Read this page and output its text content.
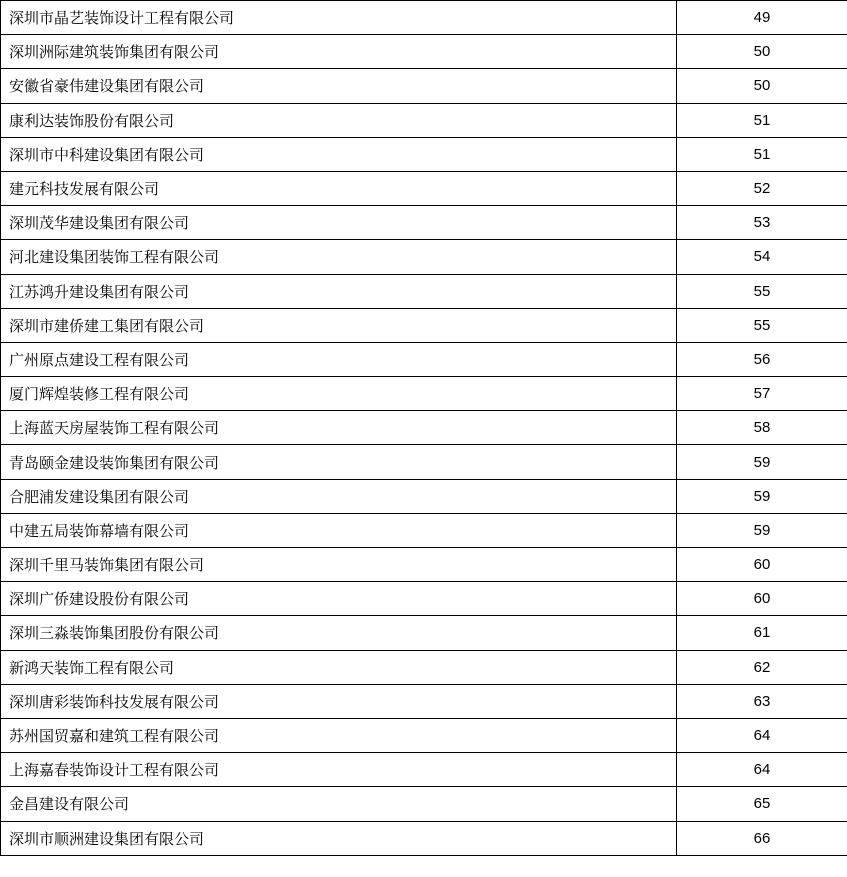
深圳市晶艺装饰设计工程有限公司	49
深圳洲际建筑装饰集团有限公司	50
安徽省豪伟建设集团有限公司	50
康利达装饰股份有限公司	51
深圳市中科建设集团有限公司	51
建元科技发展有限公司	52
深圳茂华建设集团有限公司	53
河北建设集团装饰工程有限公司	54
江苏鸿升建设集团有限公司	55
深圳市建侨建工集团有限公司	55
广州原点建设工程有限公司	56
厦门辉煌装修工程有限公司	57
上海蓝天房屋装饰工程有限公司	58
青岛颐金建设装饰集团有限公司	59
合肥浦发建设集团有限公司	59
中建五局装饰幕墙有限公司	59
深圳千里马装饰集团有限公司	60
深圳广侨建设股份有限公司	60
深圳三淼装饰集团股份有限公司	61
新鸿天装饰工程有限公司	62
深圳唐彩装饰科技发展有限公司	63
苏州国贸嘉和建筑工程有限公司	64
上海嘉春装饰设计工程有限公司	64
金昌建设有限公司	65
深圳市顺洲建设集团有限公司	66
